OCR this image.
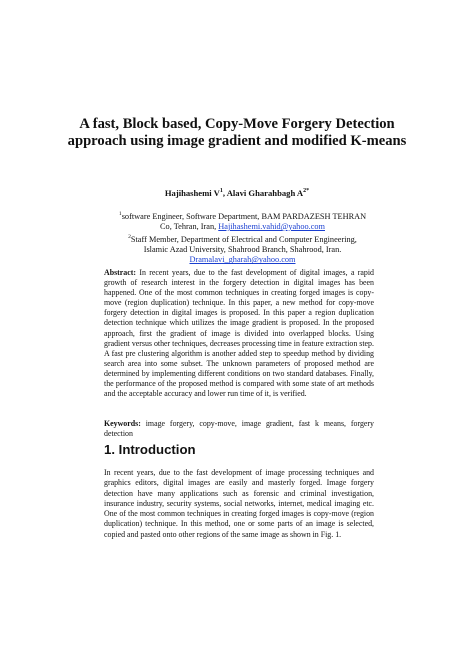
A fast, Block based, Copy-Move Forgery Detection approach using image gradient and modified K-means
Hajihashemi $V^1$, Alavi Gharahbagh $A^{2*}$
$^1$software Engineer, Software Department, BAM PARDAZESH TEHRAN Co, Tehran, Iran, Hajihashemi.vahid@yahoo.com
$^2$Staff Member, Department of Electrical and Computer Engineering, Islamic Azad University, Shahrood Branch, Shahrood, Iran.
Dramalavi_gharah@yahoo.com

Abstract: In recent years, due to the fast development of digital images, a rapid growth of research interest in the forgery detection in digital images has been happened. One of the most common techniques in creating forged images is copy-move (region duplication) technique. In this paper, a new method for copy-move forgery detection in digital images is proposed. In this paper a region duplication detection technique which utilizes the image gradient is proposed. In the proposed approach, first the gradient of image is divided into overlapped blocks. Using gradient versus other techniques, decreases processing time in feature extraction step.

A fast pre clustering algorithm is another added step to speedup method by dividing search area into some subset. The unknown parameters of proposed method are determined by implementing different conditions on two standard databases. Finally, the performance of the proposed method is compared with some state of art methods and the acceptable accuracy and lower run time of it, is verified.

Keywords: image forgery, copy-move, image gradient, fast k means, forgery detection
1. Introduction
In recent years, due to the fast development of image processing techniques and graphics editors, digital images are easily and masterly forged. Image forgery detection have many applications such as forensic and criminal investigation, insurance industry, security systems, social networks, internet, medical imaging etc. One of the most common techniques in creating forged images is copy-move (region duplication) technique. In this method, one or some parts of an image is selected, copied and pasted onto other regions of the same image as shown in Fig. 1.
